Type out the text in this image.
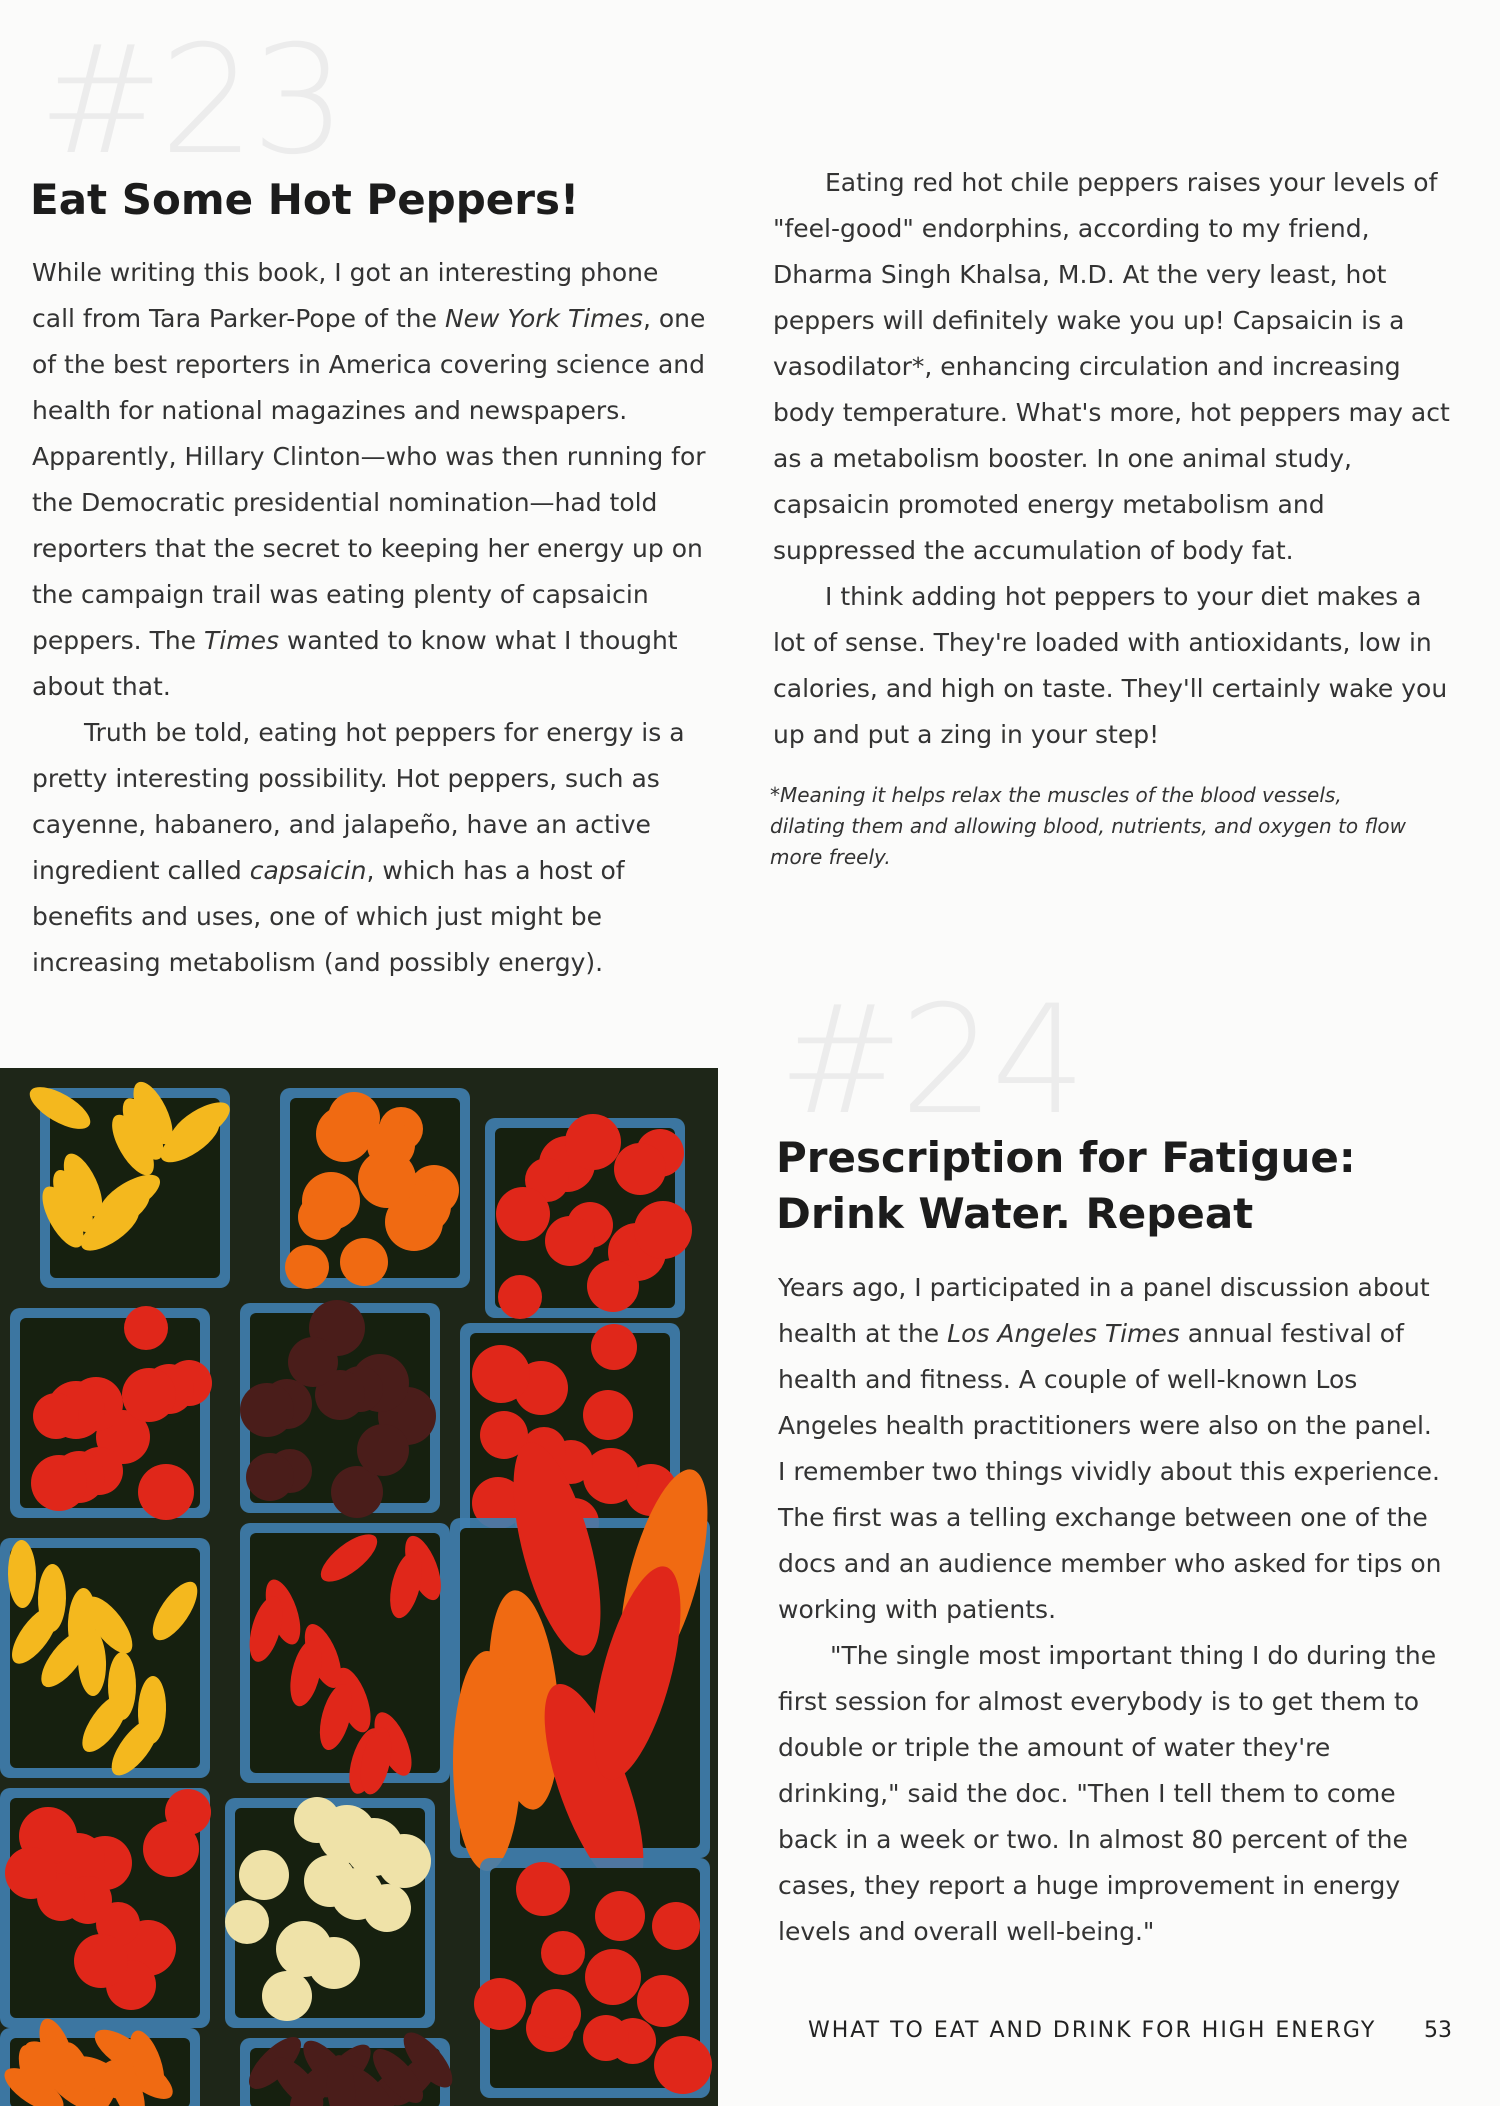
#23
Eat Some Hot Peppers!

While writing this book, I got an interesting phone call from Tara Parker-Pope of the New York Times, one of the best reporters in America covering science and health for national magazines and newspapers. Apparently, Hillary Clinton—who was then running for the Democratic presidential nomination—had told reporters that the secret to keeping her energy up on the campaign trail was eating plenty of capsaicin peppers. The Times wanted to know what I thought about that.

Truth be told, eating hot peppers for energy is a pretty interesting possibility. Hot peppers, such as cayenne, habanero, and jalapeño, have an active ingredient called capsaicin, which has a host of benefits and uses, one of which just might be increasing metabolism (and possibly energy).

Eating red hot chile peppers raises your levels of "feel-good" endorphins, according to my friend, Dharma Singh Khalsa, M.D. At the very least, hot peppers will definitely wake you up! Capsaicin is a vasodilator*, enhancing circulation and increasing body temperature. What's more, hot peppers may act as a metabolism booster. In one animal study, capsaicin promoted energy metabolism and suppressed the accumulation of body fat.

I think adding hot peppers to your diet makes a lot of sense. They're loaded with antioxidants, low in calories, and high on taste. They'll certainly wake you up and put a zing in your step!

*Meaning it helps relax the muscles of the blood vessels, dilating them and allowing blood, nutrients, and oxygen to flow more freely.
#24
Prescription for Fatigue: Drink Water. Repeat

Years ago, I participated in a panel discussion about health at the Los Angeles Times annual festival of health and fitness. A couple of well-known Los Angeles health practitioners were also on the panel. I remember two things vividly about this experience. The first was a telling exchange between one of the docs and an audience member who asked for tips on working with patients.

"The single most important thing I do during the first session for almost everybody is to get them to double or triple the amount of water they're drinking," said the doc. "Then I tell them to come back in a week or two. In almost 80 percent of the cases, they report a huge improvement in energy levels and overall well-being."

WHAT TO EAT AND DRINK FOR HIGH ENERGY 53
